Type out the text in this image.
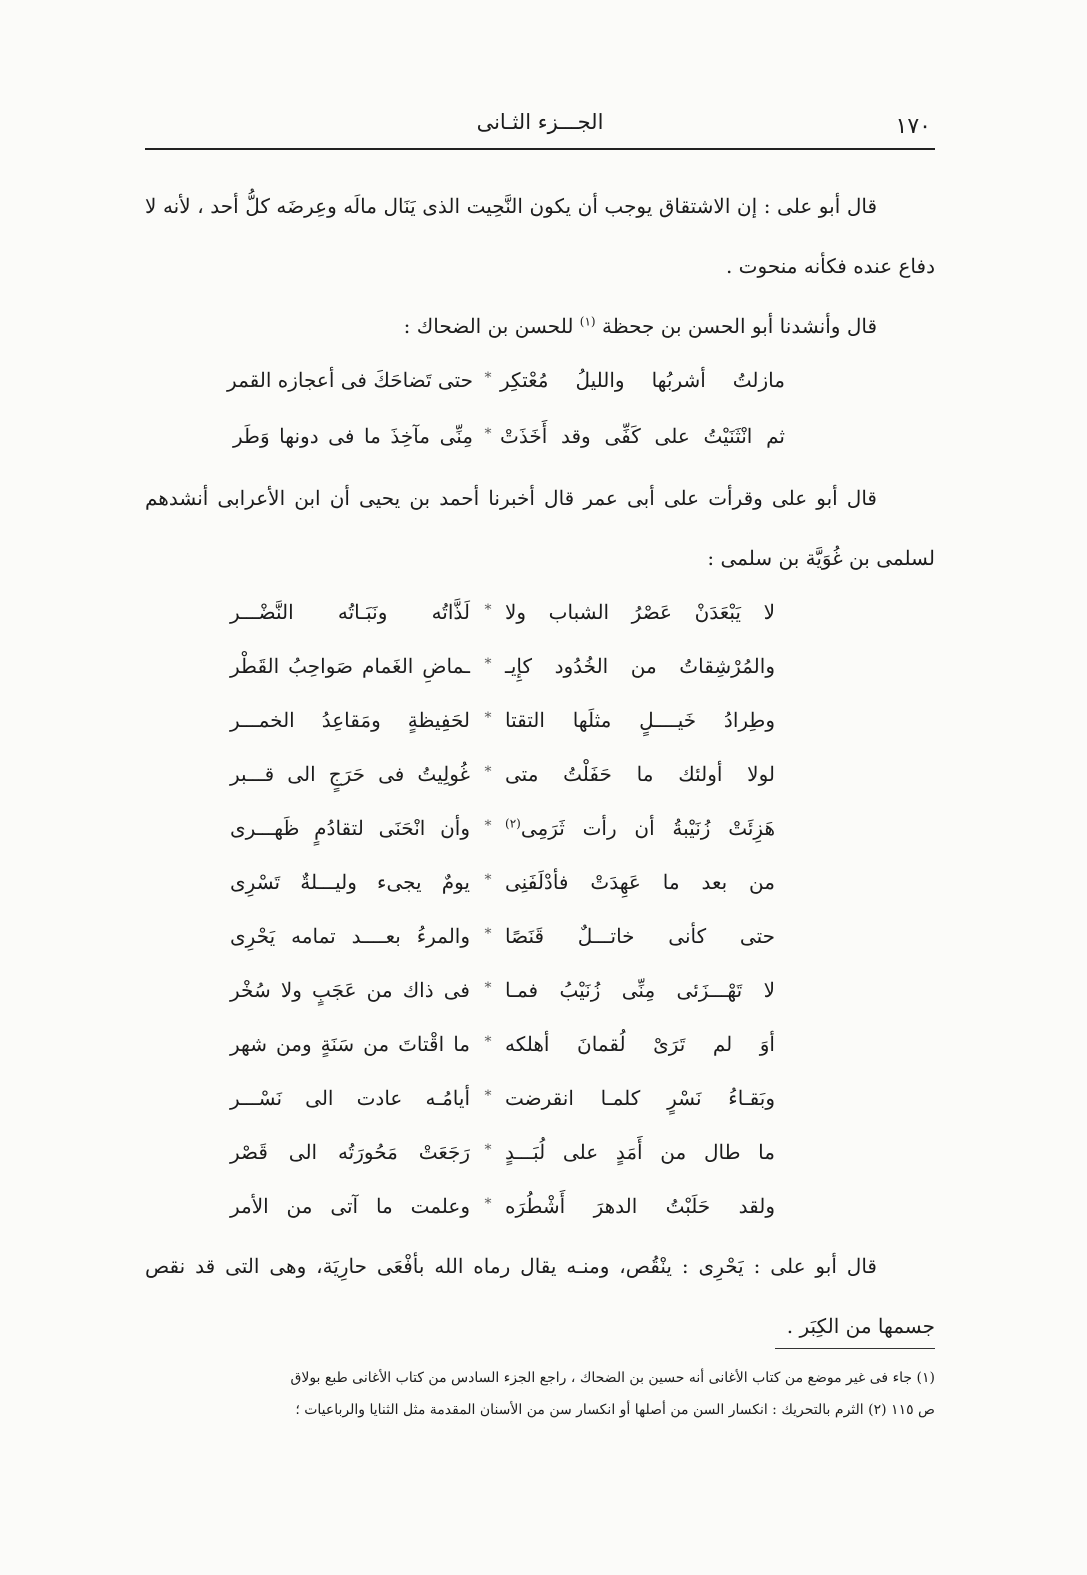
١٧٠
الجـــزء الثـانى

قال أبو على : إن الاشتقاق يوجب أن يكون النَّحِيت الذى يَنَال مالَه وعِرضَه كلُّ أحد ، لأنه لا دفاع عنده فكأنه منحوت .

قال وأنشدنا أبو الحسن بن جحظة $^{(١)}$ للحسن بن الضحاك :

مازلتُ أشربُها والليلُ مُعْتكِر
*
حتى تَضاحَكَ فى أعجازه القمر
ثم انْثَنَيْتُ على كَفِّى وقد أَخَذَتْ
*
مِنِّى مآخِذَ ما فى دونها وَطَر

قال أبو على وقرأت على أبى عمر قال أخبرنا أحمد بن يحيى أن ابن الأعرابى أنشدهم لسلمى بن غُوَيَّة بن سلمى :

لا يَبْعَدَنْ عَصْرُ الشباب ولا
*
لَذَّاتُه ونَبَـاتُه النَّضْـــر
والمُرْشِقاتُ من الخُدُود كإِيـ
*
ـماضِ الغَمام صَواحِبُ القَطْر
وطِرادُ خَيــــلٍ مثلَها التقتا
*
لحَفِيظةٍ ومَقاعِدُ الخمـــر
لولا أولئك ما حَفَلْتُ متى
*
غُولِيتُ فى حَرَجٍ الى قـــبر
هَزِئَتْ زُنَيْبةُ أن رأت ثَرَمِى$^{(٢)}$
*
وأن انْحَنَى لتقادُمٍ ظَهـــرى
من بعد ما عَهِدَتْ فأدْلَفَنِى
*
يومٌ يجىء وليـــلةٌ تَسْرِى
حتى كأنى خاتـــلٌ قَنَصًا
*
والمرءُ بعــــد تمامه يَحْرِى
لا تَهْـــزَئى مِنِّى زُنَيْبُ فمـا
*
فى ذاك من عَجَبٍ ولا سُخْر
أوَ لم تَرَىْ لُقمانَ أهلكه
*
ما اقْتاتَ من سَنَةٍ ومن شهر
وبَقـاءُ نَسْرٍ كلمـا انقرضت
*
أيامُـه عادت الى نَسْـــر
ما طال من أَمَدٍ على لُبَـــدٍ
*
رَجَعَتْ مَحُورَتُه الى قَصْر
ولقد حَلَبْتُ الدهرَ أَشْطُرَه
*
وعلمت ما آتى من الأمر

قال أبو على : يَحْرِى : ينْقُص، ومنـه يقال رماه الله بأفْعَى حارِيَة، وهى التى قد نقص جسمها من الكِبَر .

(١) جاء فى غير موضع من كتاب الأغانى أنه حسين بن الضحاك ، راجع الجزء السادس من كتاب الأغانى طبع بولاق

ص ١١٥ (٢) الثرم بالتحريك : انكسار السن من أصلها أو انكسار سن من الأسنان المقدمة مثل الثنايا والرباعيات ؛
